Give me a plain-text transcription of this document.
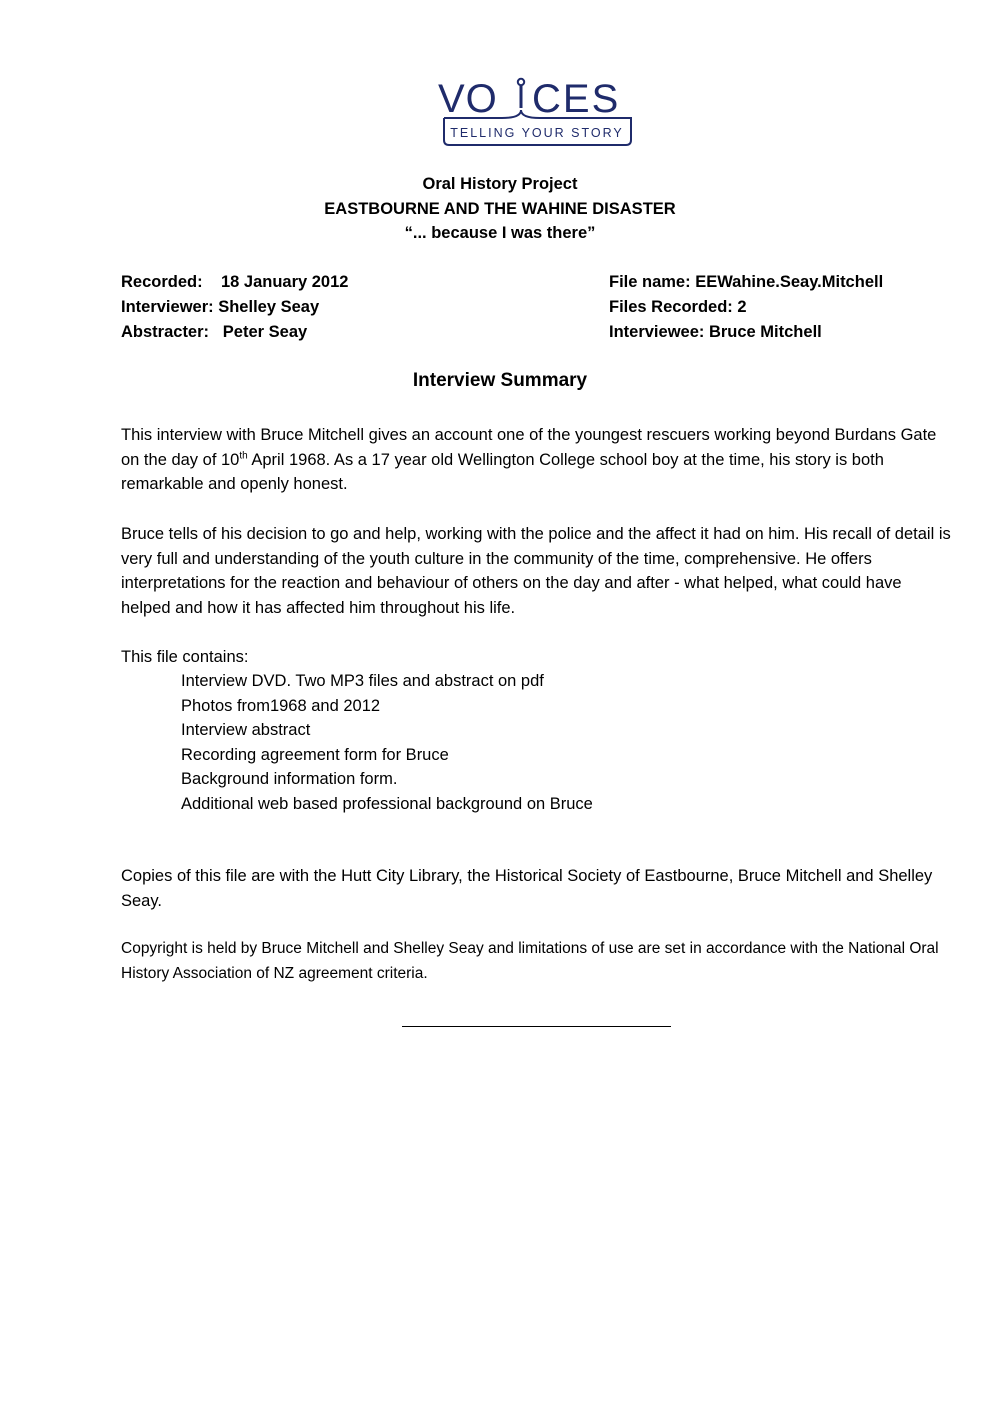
VO CES
TELLING YOUR STORY
Oral History Project
EASTBOURNE AND THE WAHINE DISASTER
“... because I was there”
Recorded: 18 January 2012
Interviewer: Shelley Seay
Abstracter: Peter Seay
File name: EEWahine.Seay.Mitchell
Files Recorded: 2
Interviewee: Bruce Mitchell
Interview Summary
This interview with Bruce Mitchell gives an account one of the youngest rescuers working beyond Burdans Gate on the day of 10th April 1968. As a 17 year old Wellington College school boy at the time, his story is both remarkable and openly honest.
Bruce tells of his decision to go and help, working with the police and the affect it had on him. His recall of detail is very full and understanding of the youth culture in the community of the time, comprehensive. He offers interpretations for the reaction and behaviour of others on the day and after - what helped, what could have helped and how it has affected him throughout his life.
This file contains:
Interview DVD. Two MP3 files and abstract on pdf
Photos from1968 and 2012
Interview abstract
Recording agreement form for Bruce
Background information form.
Additional web based professional background on Bruce
Copies of this file are with the Hutt City Library, the Historical Society of Eastbourne, Bruce Mitchell and Shelley Seay.
Copyright is held by Bruce Mitchell and Shelley Seay and limitations of use are set in accordance with the National Oral History Association of NZ agreement criteria.
